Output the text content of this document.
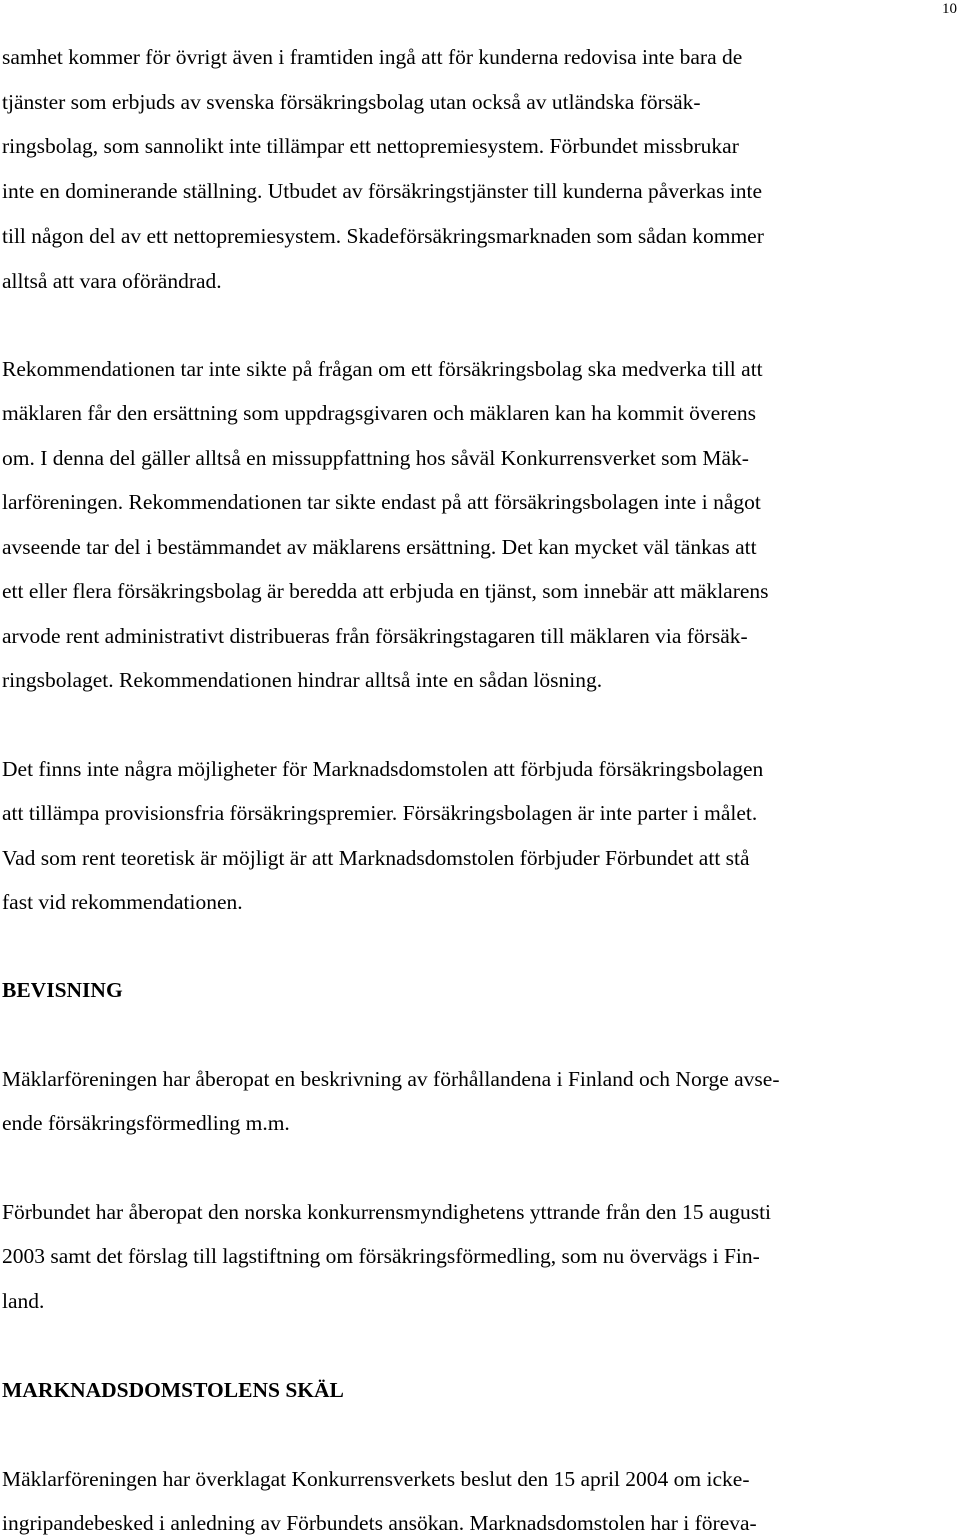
10
samhet kommer för övrigt även i framtiden ingå att för kunderna redovisa inte bara de
tjänster som erbjuds av svenska försäkringsbolag utan också av utländska försäk-
ringsbolag, som sannolikt inte tillämpar ett nettopremiesystem. Förbundet missbrukar
inte en dominerande ställning. Utbudet av försäkringstjänster till kunderna påverkas inte
till någon del av ett nettopremiesystem. Skadeförsäkringsmarknaden som sådan kommer
alltså att vara oförändrad.
Rekommendationen tar inte sikte på frågan om ett försäkringsbolag ska medverka till att
mäklaren får den ersättning som uppdragsgivaren och mäklaren kan ha kommit överens
om. I denna del gäller alltså en missuppfattning hos såväl Konkurrensverket som Mäk-
larföreningen. Rekommendationen tar sikte endast på att försäkringsbolagen inte i något
avseende tar del i bestämmandet av mäklarens ersättning. Det kan mycket väl tänkas att
ett eller flera försäkringsbolag är beredda att erbjuda en tjänst, som innebär att mäklarens
arvode rent administrativt distribueras från försäkringstagaren till mäklaren via försäk-
ringsbolaget. Rekommendationen hindrar alltså inte en sådan lösning.
Det finns inte några möjligheter för Marknadsdomstolen att förbjuda försäkringsbolagen
att tillämpa provisionsfria försäkringspremier. Försäkringsbolagen är inte parter i målet.
Vad som rent teoretisk är möjligt är att Marknadsdomstolen förbjuder Förbundet att stå
fast vid rekommendationen.
BEVISNING
Mäklarföreningen har åberopat en beskrivning av förhållandena i Finland och Norge avse-
ende försäkringsförmedling m.m.
Förbundet har åberopat den norska konkurrensmyndighetens yttrande från den 15 augusti
2003 samt det förslag till lagstiftning om försäkringsförmedling, som nu övervägs i Fin-
land.
MARKNADSDOMSTOLENS SKÄL
Mäklarföreningen har överklagat Konkurrensverkets beslut den 15 april 2004 om icke-
ingripandebesked i anledning av Förbundets ansökan. Marknadsdomstolen har i föreva-
